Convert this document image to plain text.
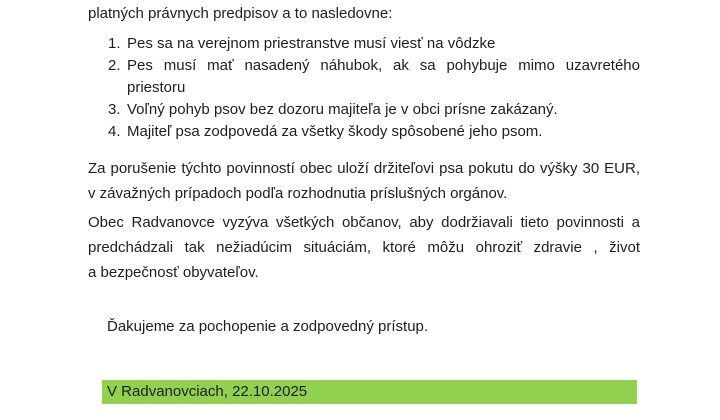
platných právnych predpisov a to nasledovne:
1. Pes sa na verejnom priestranstve musí viesť na vôdzke
2. Pes musí mať nasadený náhubok, ak sa pohybuje mimo uzavretého
priestoru
3. Voľný pohyb psov bez dozoru majiteľa je v obci prísne zakázaný.
4. Majiteľ psa zodpovedá za všetky škody spôsobené jeho psom.
Za porušenie týchto povinností obec uloží držiteľovi psa pokutu do výšky 30 EUR,
v závažných prípadoch podľa rozhodnutia príslušných orgánov.
Obec Radvanovce vyzýva všetkých občanov, aby dodržiavali tieto povinnosti a
predchádzali tak nežiadúcim situáciám, ktoré môžu ohroziť zdravie , život
a bezpečnosť obyvateľov.
Ďakujeme za pochopenie a zodpovedný prístup.
V Radvanovciach, 22.10.2025
